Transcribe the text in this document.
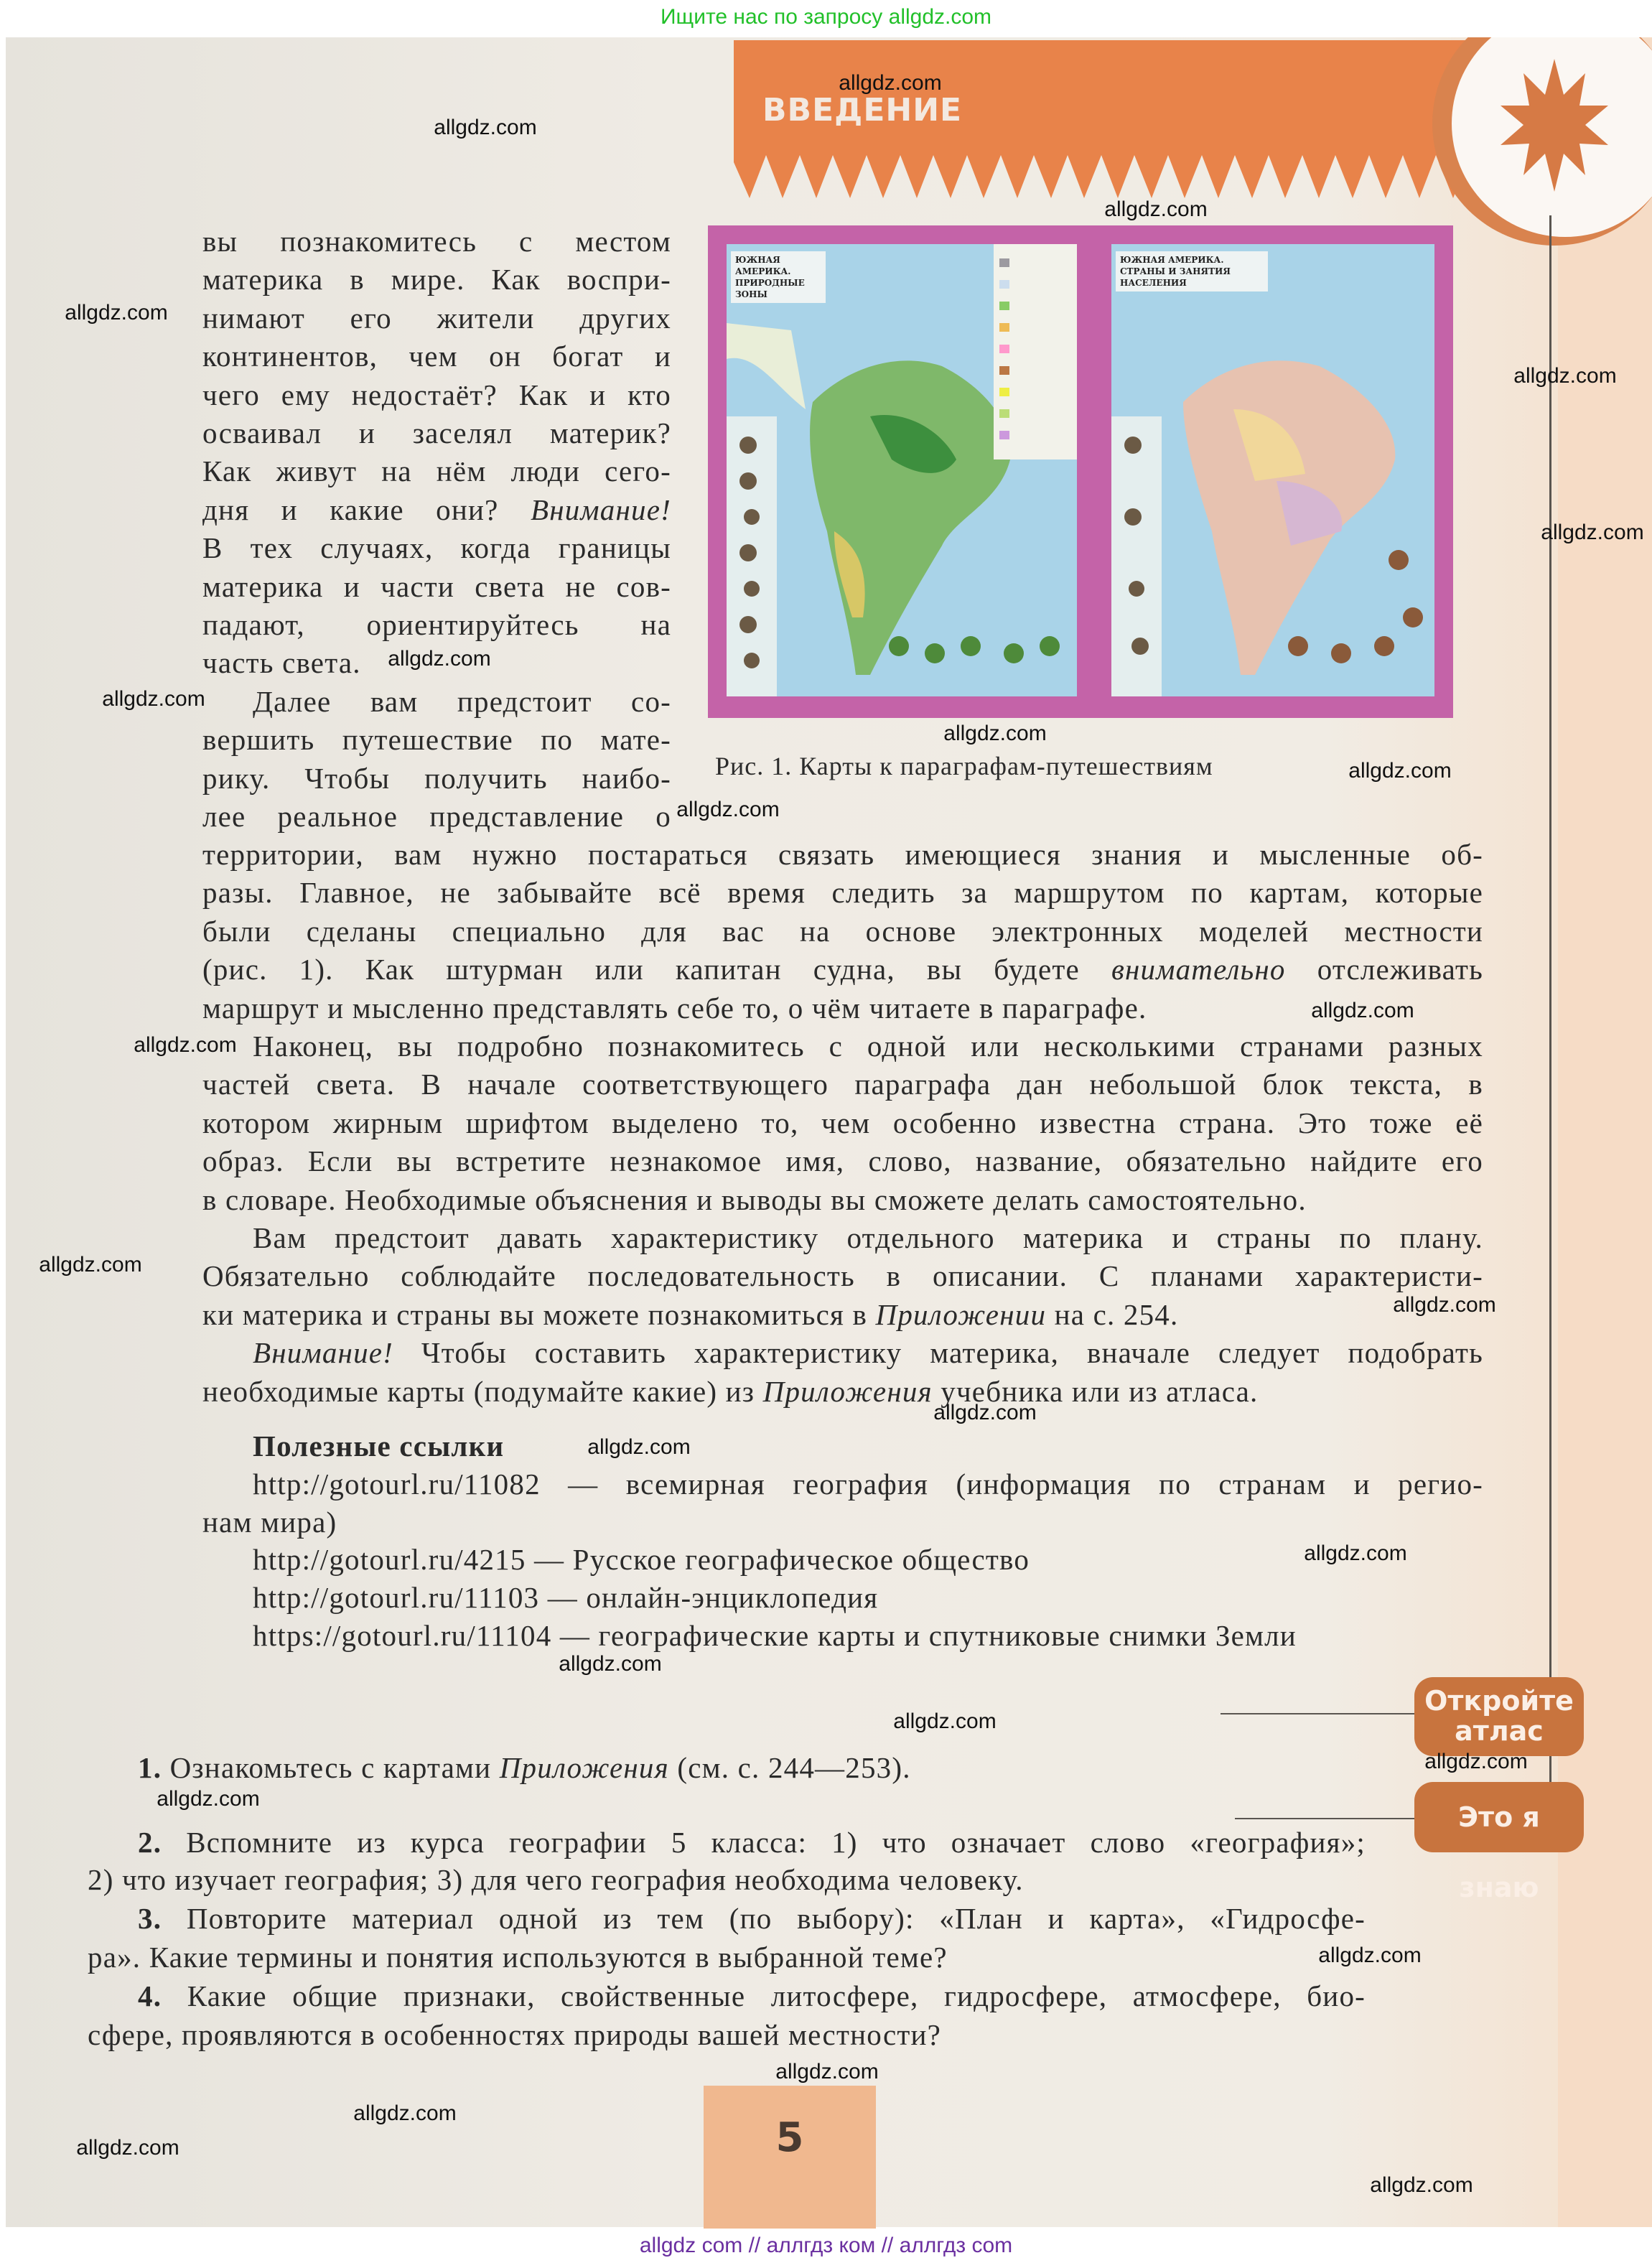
Ищите нас по запросу allgdz.com
ВВЕДЕНИЕ
ЮЖНАЯ АМЕРИКА. ПРИРОДНЫЕ ЗОНЫ
ЮЖНАЯ АМЕРИКА. СТРАНЫ И ЗАНЯТИЯ НАСЕЛЕНИЯ
Рис. 1. Карты к параграфам-путешествиям
вы познакомитесь с местом
материка в мире. Как воспри-
нимают его жители других
континентов, чем он богат и
чего ему недостаёт? Как и кто
осваивал и заселял материк?
Как живут на нём люди сего-
дня и какие они? Внимание!
В тех случаях, когда границы
материка и части света не сов-
падают, ориентируйтесь на
часть света.
Далее вам предстоит со-
вершить путешествие по мате-
рику. Чтобы получить наибо-
лее реальное представление о
территории, вам нужно постараться связать имеющиеся знания и мысленные об-
разы. Главное, не забывайте всё время следить за маршрутом по картам, которые
были сделаны специально для вас на основе электронных моделей местности
(рис. 1). Как штурман или капитан судна, вы будете внимательно отслеживать
маршрут и мысленно представлять себе то, о чём читаете в параграфе.
Наконец, вы подробно познакомитесь с одной или несколькими странами разных
частей света. В начале соответствующего параграфа дан небольшой блок текста, в
котором жирным шрифтом выделено то, чем особенно известна страна. Это тоже её
образ. Если вы встретите незнакомое имя, слово, название, обязательно найдите его
в словаре. Необходимые объяснения и выводы вы сможете делать самостоятельно.
Вам предстоит давать характеристику отдельного материка и страны по плану.
Обязательно соблюдайте последовательность в описании. С планами характеристи-
ки материка и страны вы можете познакомиться в Приложении на с. 254.
Внимание! Чтобы составить характеристику материка, вначале следует подобрать
необходимые карты (подумайте какие) из Приложения учебника или из атласа.
Полезные ссылки
http://gotourl.ru/11082 — всемирная география (информация по странам и регио-
нам мира)
http://gotourl.ru/4215 — Русское географическое общество
http://gotourl.ru/11103 — онлайн-энциклопедия
https://gotourl.ru/11104 — географические карты и спутниковые снимки Земли
1. Ознакомьтесь с картами Приложения (см. с. 244—253).
2. Вспомните из курса географии 5 класса: 1) что означает слово «география»;
2) что изучает география; 3) для чего география необходима человеку.
3. Повторите материал одной из тем (по выбору): «План и карта», «Гидросфе-
ра». Какие термины и понятия используются в выбранной теме?
4. Какие общие признаки, свойственные литосфере, гидросфере, атмосфере, био-
сфере, проявляются в особенностях природы вашей местности?
Откройте атлас
Это я знаю
5
allgdz.com
allgdz.com
allgdz.com
allgdz.com
allgdz.com
allgdz.com
allgdz.com
allgdz.com
allgdz.com
allgdz.com
allgdz.com
allgdz.com
allgdz.com
allgdz.com
allgdz.com
allgdz.com
allgdz.com
allgdz.com
allgdz.com
allgdz.com
allgdz.com
allgdz.com
allgdz.com
allgdz.com
allgdz.com
allgdz.com
allgdz.com
allgdz com // аллгдз ком // аллгдз com
